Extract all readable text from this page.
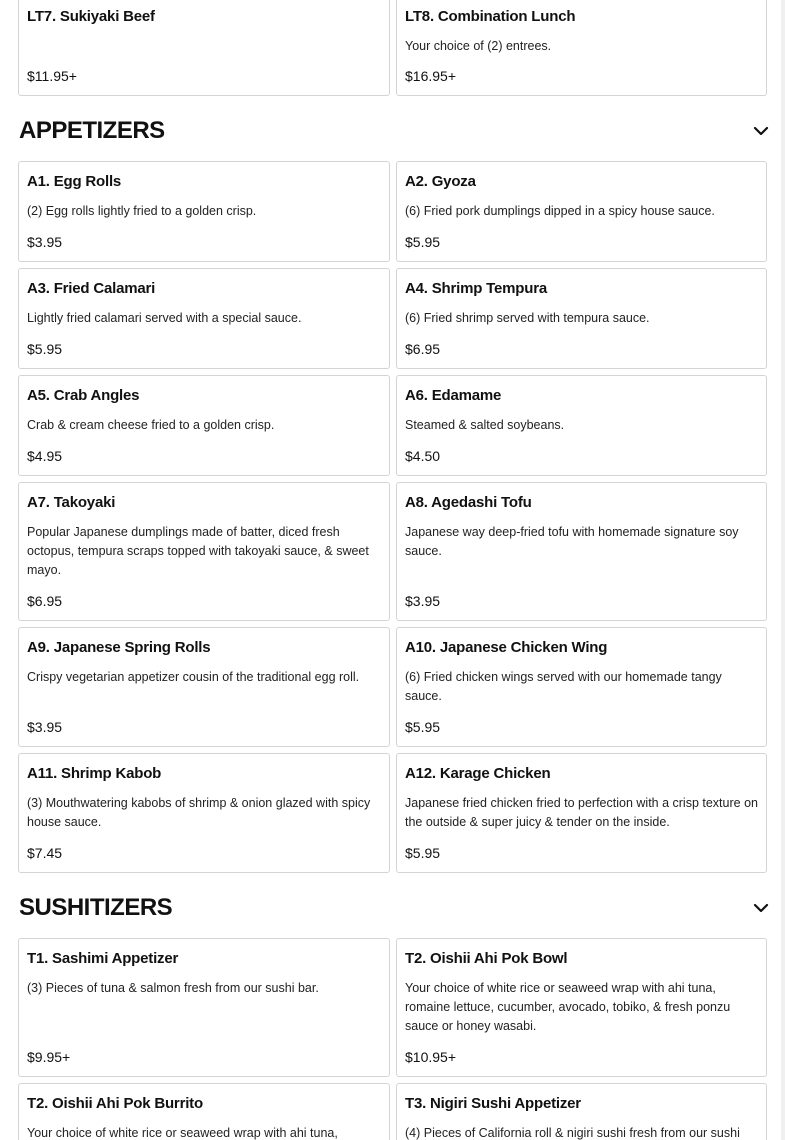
LT7. Sukiyaki Beef
$11.95+
LT8. Combination Lunch
Your choice of (2) entrees.
$16.95+
APPETIZERS
A1. Egg Rolls
(2) Egg rolls lightly fried to a golden crisp.
$3.95
A2. Gyoza
(6) Fried pork dumplings dipped in a spicy house sauce.
$5.95
A3. Fried Calamari
Lightly fried calamari served with a special sauce.
$5.95
A4. Shrimp Tempura
(6) Fried shrimp served with tempura sauce.
$6.95
A5. Crab Angles
Crab & cream cheese fried to a golden crisp.
$4.95
A6. Edamame
Steamed & salted soybeans.
$4.50
A7. Takoyaki
Popular Japanese dumplings made of batter, diced fresh octopus, tempura scraps topped with takoyaki sauce, & sweet mayo.
$6.95
A8. Agedashi Tofu
Japanese way deep-fried tofu with homemade signature soy sauce.
$3.95
A9. Japanese Spring Rolls
Crispy vegetarian appetizer cousin of the traditional egg roll.
$3.95
A10. Japanese Chicken Wing
(6) Fried chicken wings served with our homemade tangy sauce.
$5.95
A11. Shrimp Kabob
(3) Mouthwatering kabobs of shrimp & onion glazed with spicy house sauce.
$7.45
A12. Karage Chicken
Japanese fried chicken fried to perfection with a crisp texture on the outside & super juicy & tender on the inside.
$5.95
SUSHITIZERS
T1. Sashimi Appetizer
(3) Pieces of tuna & salmon fresh from our sushi bar.
$9.95+
T2. Oishii Ahi Pok Bowl
Your choice of white rice or seaweed wrap with ahi tuna, romaine lettuce, cucumber, avocado, tobiko, & fresh ponzu sauce or honey wasabi.
$10.95+
T2. Oishii Ahi Pok Burrito
Your choice of white rice or seaweed wrap with ahi tuna,
T3. Nigiri Sushi Appetizer
(4) Pieces of California roll & nigiri sushi fresh from our sushi
